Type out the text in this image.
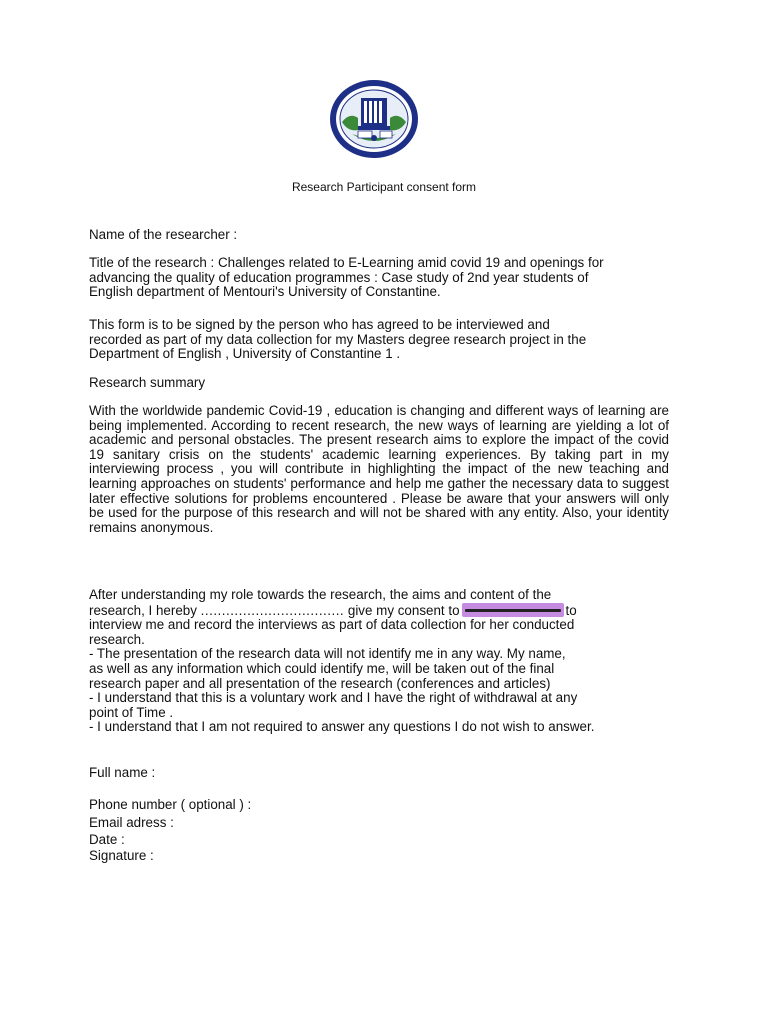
Research Participant consent form
Name of the researcher :
Title of the research : Challenges related to E-Learning amid covid 19 and openings for
advancing the quality of education programmes : Case study of 2nd year students of
English department of Mentouri's University of Constantine.
This form is to be signed by the person who has agreed to be interviewed and
recorded as part of my data collection for my Masters degree research project in the
Department of English , University of Constantine 1 .
Research summary

With the worldwide pandemic Covid-19 , education is changing and different ways of learning are being implemented. According to recent research, the new ways of learning are yielding a lot of academic and personal obstacles. The present research aims to explore the impact of the covid 19 sanitary crisis on the students' academic learning experiences. By taking part in my interviewing process , you will contribute in highlighting the impact of the new teaching and learning approaches on students' performance and help me gather the necessary data to suggest later effective solutions for problems encountered . Please be aware that your answers will only be used for the purpose of this research and will not be shared with any entity. Also, your identity remains anonymous.

After understanding my role towards the research, the aims and content of the
research, I hereby .................................. give my consent to	to
interview me and record the interviews as part of data collection for her conducted
research.
- The presentation of the research data will not identify me in any way. My name,
as well as any information which could identify me, will be taken out of the final
research paper and all presentation of the research (conferences and articles)
- I understand that this is a voluntary work and I have the right of withdrawal at any
point of Time .
- I understand that I am not required to answer any questions I do not wish to answer.
Full name :
Phone number ( optional ) :
Email adress :
Date :
Signature :
